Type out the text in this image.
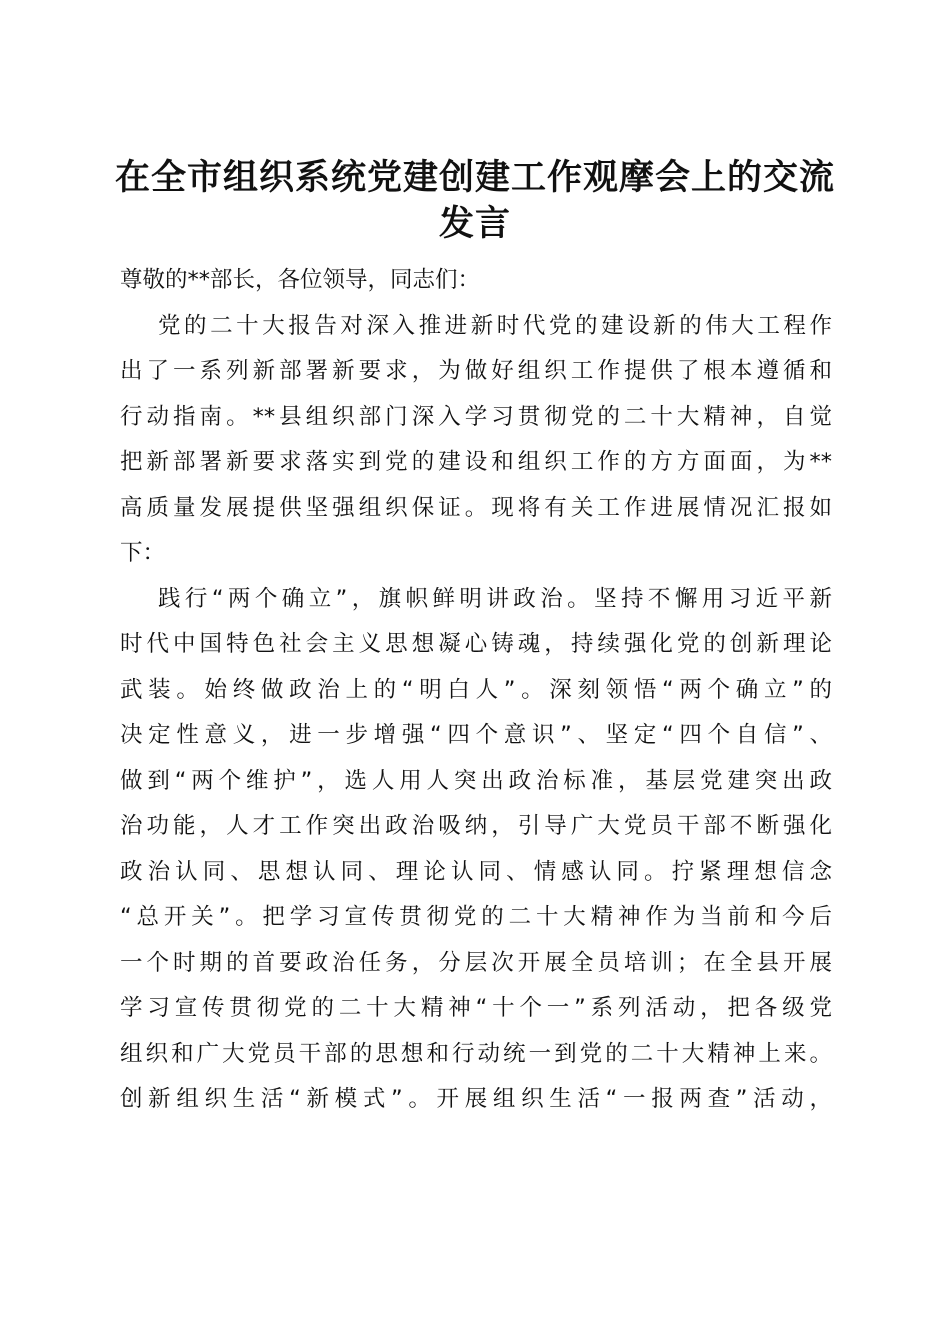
在全市组织系统党建创建工作观摩会上的交流
发言
尊敬的**部长，各位领导，同志们：
党的二十大报告对深入推进新时代党的建设新的伟大工程作
出了一系列新部署新要求，为做好组织工作提供了根本遵循和
行动指南。**县组织部门深入学习贯彻党的二十大精神，自觉
把新部署新要求落实到党的建设和组织工作的方方面面，为**
高质量发展提供坚强组织保证。现将有关工作进展情况汇报如
下：
践行“两个确立”，旗帜鲜明讲政治。坚持不懈用习近平新
时代中国特色社会主义思想凝心铸魂，持续强化党的创新理论
武装。始终做政治上的“明白人”。深刻领悟“两个确立”的
决定性意义，进一步增强“四个意识”、坚定“四个自信”、
做到“两个维护”，选人用人突出政治标准，基层党建突出政
治功能，人才工作突出政治吸纳，引导广大党员干部不断强化
政治认同、思想认同、理论认同、情感认同。拧紧理想信念
“总开关”。把学习宣传贯彻党的二十大精神作为当前和今后
一个时期的首要政治任务，分层次开展全员培训；在全县开展
学习宣传贯彻党的二十大精神“十个一”系列活动，把各级党
组织和广大党员干部的思想和行动统一到党的二十大精神上来。
创新组织生活“新模式”。开展组织生活“一报两查”活动，
